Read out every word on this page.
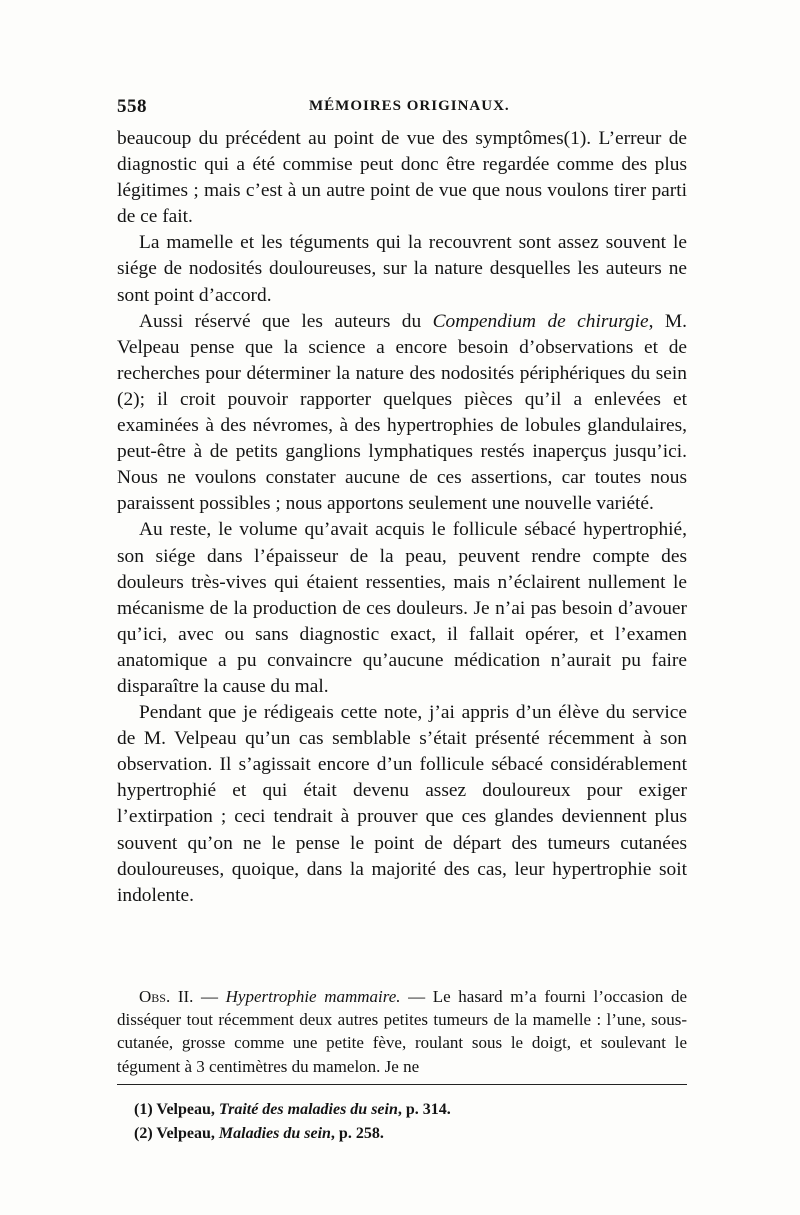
558	MÉMOIRES ORIGINAUX.

beaucoup du précédent au point de vue des symptômes(1). L’erreur de diagnostic qui a été commise peut donc être regardée comme des plus légitimes ; mais c’est à un autre point de vue que nous voulons tirer parti de ce fait.

La mamelle et les téguments qui la recouvrent sont assez souvent le siége de nodosités douloureuses, sur la nature desquelles les auteurs ne sont point d’accord.

Aussi réservé que les auteurs du Compendium de chirurgie, M. Velpeau pense que la science a encore besoin d’observations et de recherches pour déterminer la nature des nodosités périphériques du sein (2); il croit pouvoir rapporter quelques pièces qu’il a enlevées et examinées à des névromes, à des hypertrophies de lobules glandulaires, peut-être à de petits ganglions lymphatiques restés inaperçus jusqu’ici. Nous ne voulons constater aucune de ces assertions, car toutes nous paraissent possibles ; nous apportons seulement une nouvelle variété.

Au reste, le volume qu’avait acquis le follicule sébacé hypertrophié, son siége dans l’épaisseur de la peau, peuvent rendre compte des douleurs très-vives qui étaient ressenties, mais n’éclairent nullement le mécanisme de la production de ces douleurs. Je n’ai pas besoin d’avouer qu’ici, avec ou sans diagnostic exact, il fallait opérer, et l’examen anatomique a pu convaincre qu’aucune médication n’aurait pu faire disparaître la cause du mal.

Pendant que je rédigeais cette note, j’ai appris d’un élève du service de M. Velpeau qu’un cas semblable s’était présenté récemment à son observation. Il s’agissait encore d’un follicule sébacé considérablement hypertrophié et qui était devenu assez douloureux pour exiger l’extirpation ; ceci tendrait à prouver que ces glandes deviennent plus souvent qu’on ne le pense le point de départ des tumeurs cutanées douloureuses, quoique, dans la majorité des cas, leur hypertrophie soit indolente.

Obs. II. — Hypertrophie mammaire. — Le hasard m’a fourni l’occasion de disséquer tout récemment deux autres petites tumeurs de la mamelle : l’une, sous-cutanée, grosse comme une petite fève, roulant sous le doigt, et soulevant le tégument à 3 centimètres du mamelon. Je ne

(1) Velpeau, Traité des maladies du sein, p. 314.
(2) Velpeau, Maladies du sein, p. 258.
